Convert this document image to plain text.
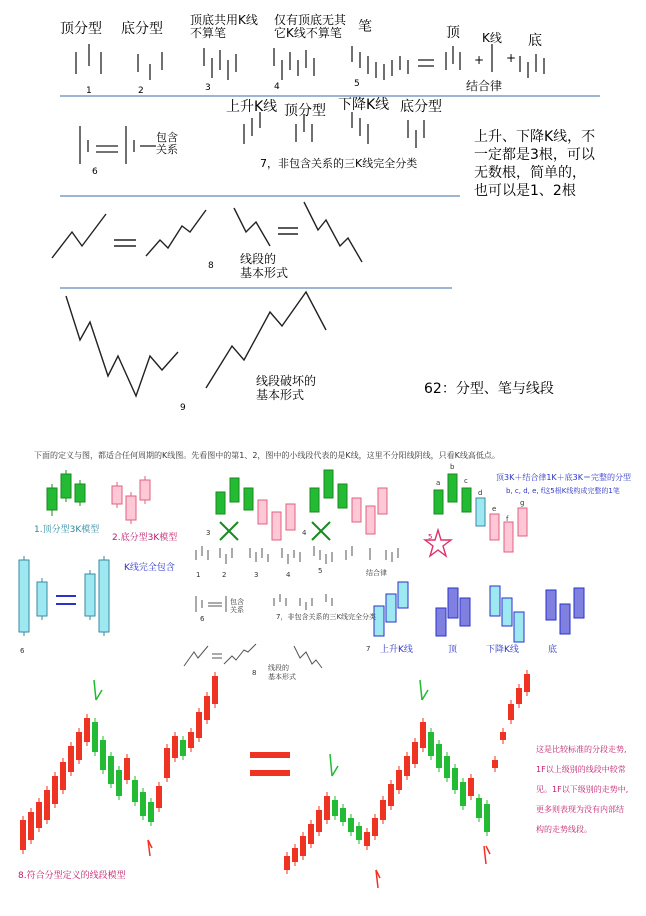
顶分型 底分型
顶底共用K线
不算笔
仅有顶底无其
它K线不算笔 笔	顶 K线 底
+ +
结合律
1	2	3	4	5
上升K线 顶分型 下降K线 底分型
包含
关系
6
7，非包含关系的三K线完全分类
上升、下降K线，不
一定都是3根，可以
无数根，简单的，
也可以是1、2根
8 线段的
基本形式
线段破坏的
基本形式
9
62：分型、笔与线段
下面的定义与图，都适合任何周期的K线图。先看图中的第1、2，图中的小线段代表的是K线，这里不分阳线阴线，只看K线高低点。
1.顶分型3K模型
2.底分型3K模型	3	4	5
a
b
c
d
e
f
g
顶3K＋结合律1K＋底3K＝完整的分型
b, c, d, e, f这5根K线构成完整的1笔
K线完全包含
6
1	2	3	4	5	结合律
6
包含
关系
7，非包含关系的三K线完全分类
8
线段的
基本形式
7 上升K线	顶	下降K线	底
8.符合分型定义的线段模型
这是比较标准的分段走势,
1F以上级别的线段中较常
见。1F以下级别的走势中,
更多则表现为没有内部结
构的走势线段。
